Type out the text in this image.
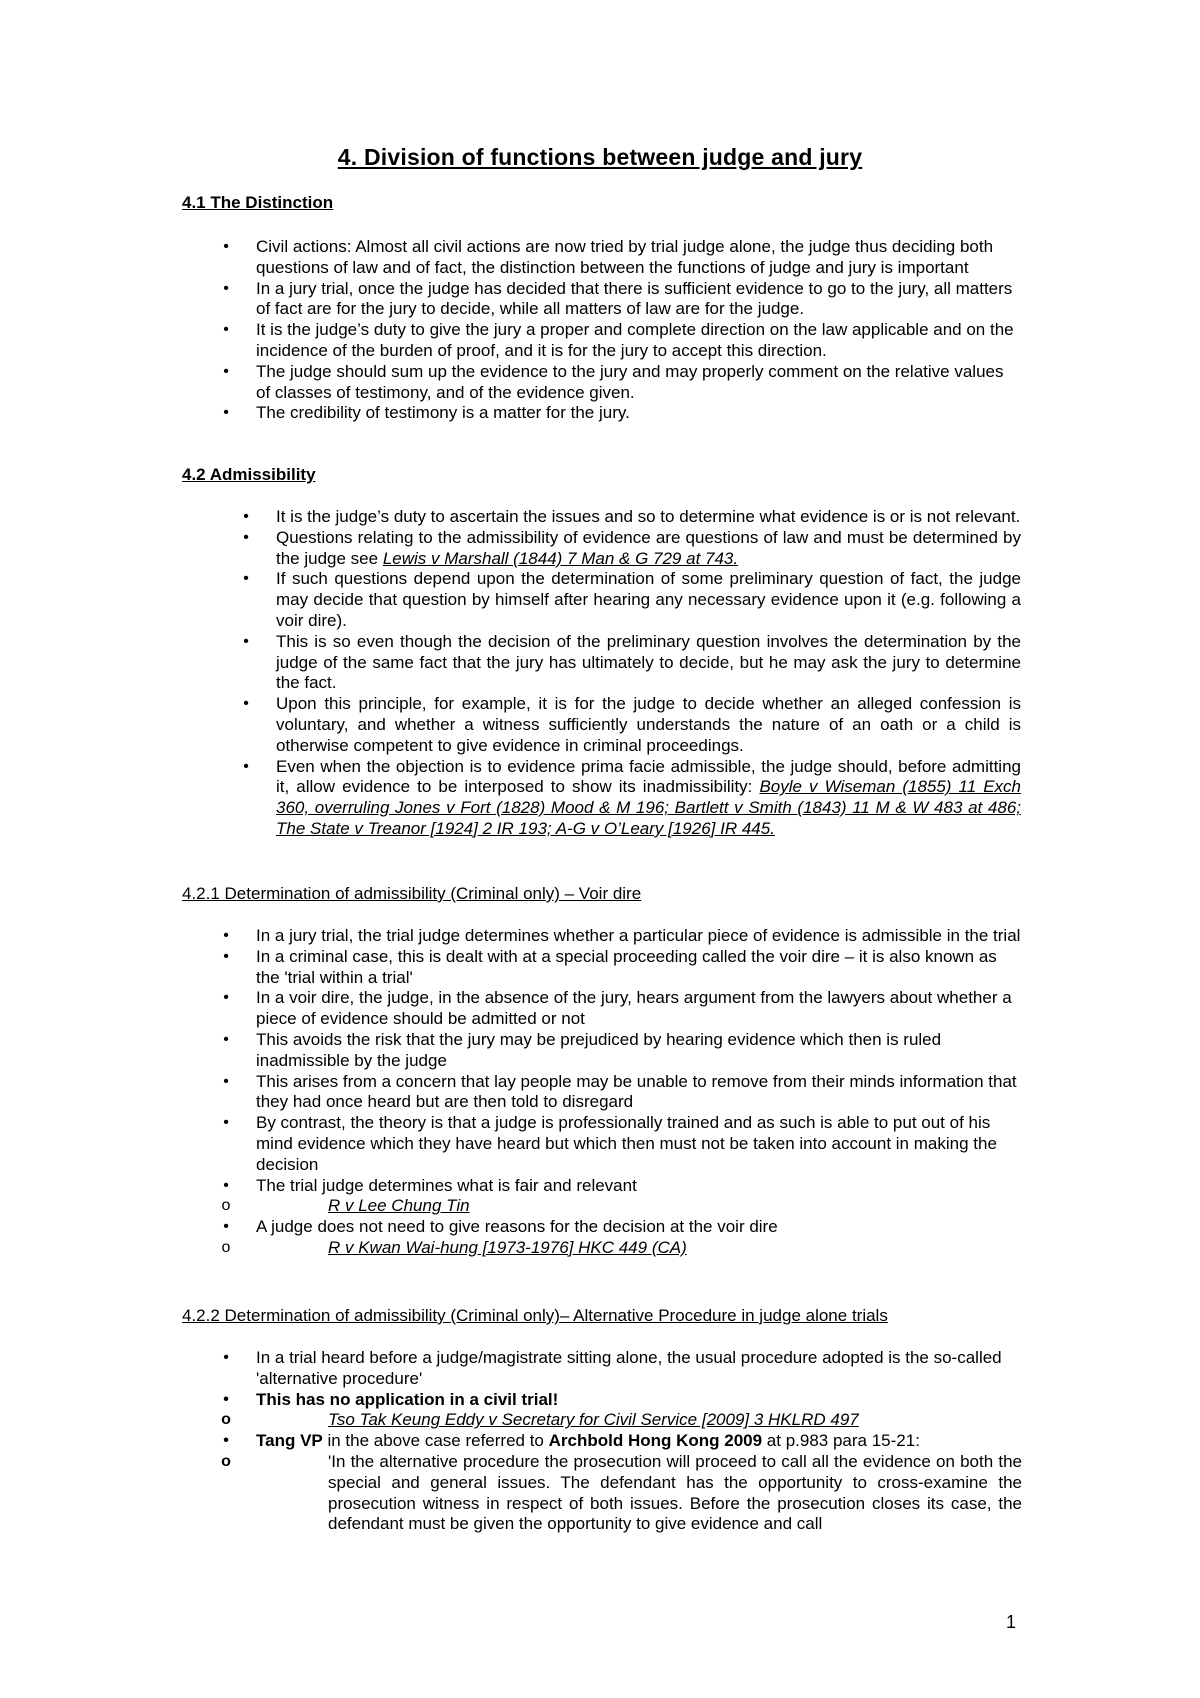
4. Division of functions between judge and jury
4.1 The Distinction
• Civil actions: Almost all civil actions are now tried by trial judge alone, the judge thus deciding both questions of law and of fact, the distinction between the functions of judge and jury is important
• In a jury trial, once the judge has decided that there is sufficient evidence to go to the jury, all matters of fact are for the jury to decide, while all matters of law are for the judge.
• It is the judge’s duty to give the jury a proper and complete direction on the law applicable and on the incidence of the burden of proof, and it is for the jury to accept this direction.
• The judge should sum up the evidence to the jury and may properly comment on the relative values of classes of testimony, and of the evidence given.
• The credibility of testimony is a matter for the jury.
4.2 Admissibility
• It is the judge’s duty to ascertain the issues and so to determine what evidence is or is not relevant.
• Questions relating to the admissibility of evidence are questions of law and must be determined by the judge see Lewis v Marshall (1844) 7 Man & G 729 at 743.
• If such questions depend upon the determination of some preliminary question of fact, the judge may decide that question by himself after hearing any necessary evidence upon it (e.g. following a voir dire).
• This is so even though the decision of the preliminary question involves the determination by the judge of the same fact that the jury has ultimately to decide, but he may ask the jury to determine the fact.
• Upon this principle, for example, it is for the judge to decide whether an alleged confession is voluntary, and whether a witness sufficiently understands the nature of an oath or a child is otherwise competent to give evidence in criminal proceedings.
• Even when the objection is to evidence prima facie admissible, the judge should, before admitting it, allow evidence to be interposed to show its inadmissibility: Boyle v Wiseman (1855) 11 Exch 360, overruling Jones v Fort (1828) Mood & M 196; Bartlett v Smith (1843) 11 M & W 483 at 486; The State v Treanor [1924] 2 IR 193; A-G v O’Leary [1926] IR 445.
4.2.1 Determination of admissibility (Criminal only) – Voir dire
• In a jury trial, the trial judge determines whether a particular piece of evidence is admissible in the trial
• In a criminal case, this is dealt with at a special proceeding called the voir dire – it is also known as the 'trial within a trial'
• In a voir dire, the judge, in the absence of the jury, hears argument from the lawyers about whether a piece of evidence should be admitted or not
• This avoids the risk that the jury may be prejudiced by hearing evidence which then is ruled inadmissible by the judge
• This arises from a concern that lay people may be unable to remove from their minds information that they had once heard but are then told to disregard
• By contrast, the theory is that a judge is professionally trained and as such is able to put out of his mind evidence which they have heard but which then must not be taken into account in making the decision
• The trial judge determines what is fair and relevant
o	R v Lee Chung Tin
• A judge does not need to give reasons for the decision at the voir dire
o	R v Kwan Wai-hung [1973-1976] HKC 449 (CA)
4.2.2 Determination of admissibility (Criminal only)– Alternative Procedure in judge alone trials
• In a trial heard before a judge/magistrate sitting alone, the usual procedure adopted is the so-called 'alternative procedure'
• This has no application in a civil trial!
o	Tso Tak Keung Eddy v Secretary for Civil Service [2009] 3 HKLRD 497
• Tang VP in the above case referred to Archbold Hong Kong 2009 at p.983 para 15-21:
o	'In the alternative procedure the prosecution will proceed to call all the evidence on both the special and general issues. The defendant has the opportunity to cross-examine the prosecution witness in respect of both issues. Before the prosecution closes its case, the defendant must be given the opportunity to give evidence and call
1
